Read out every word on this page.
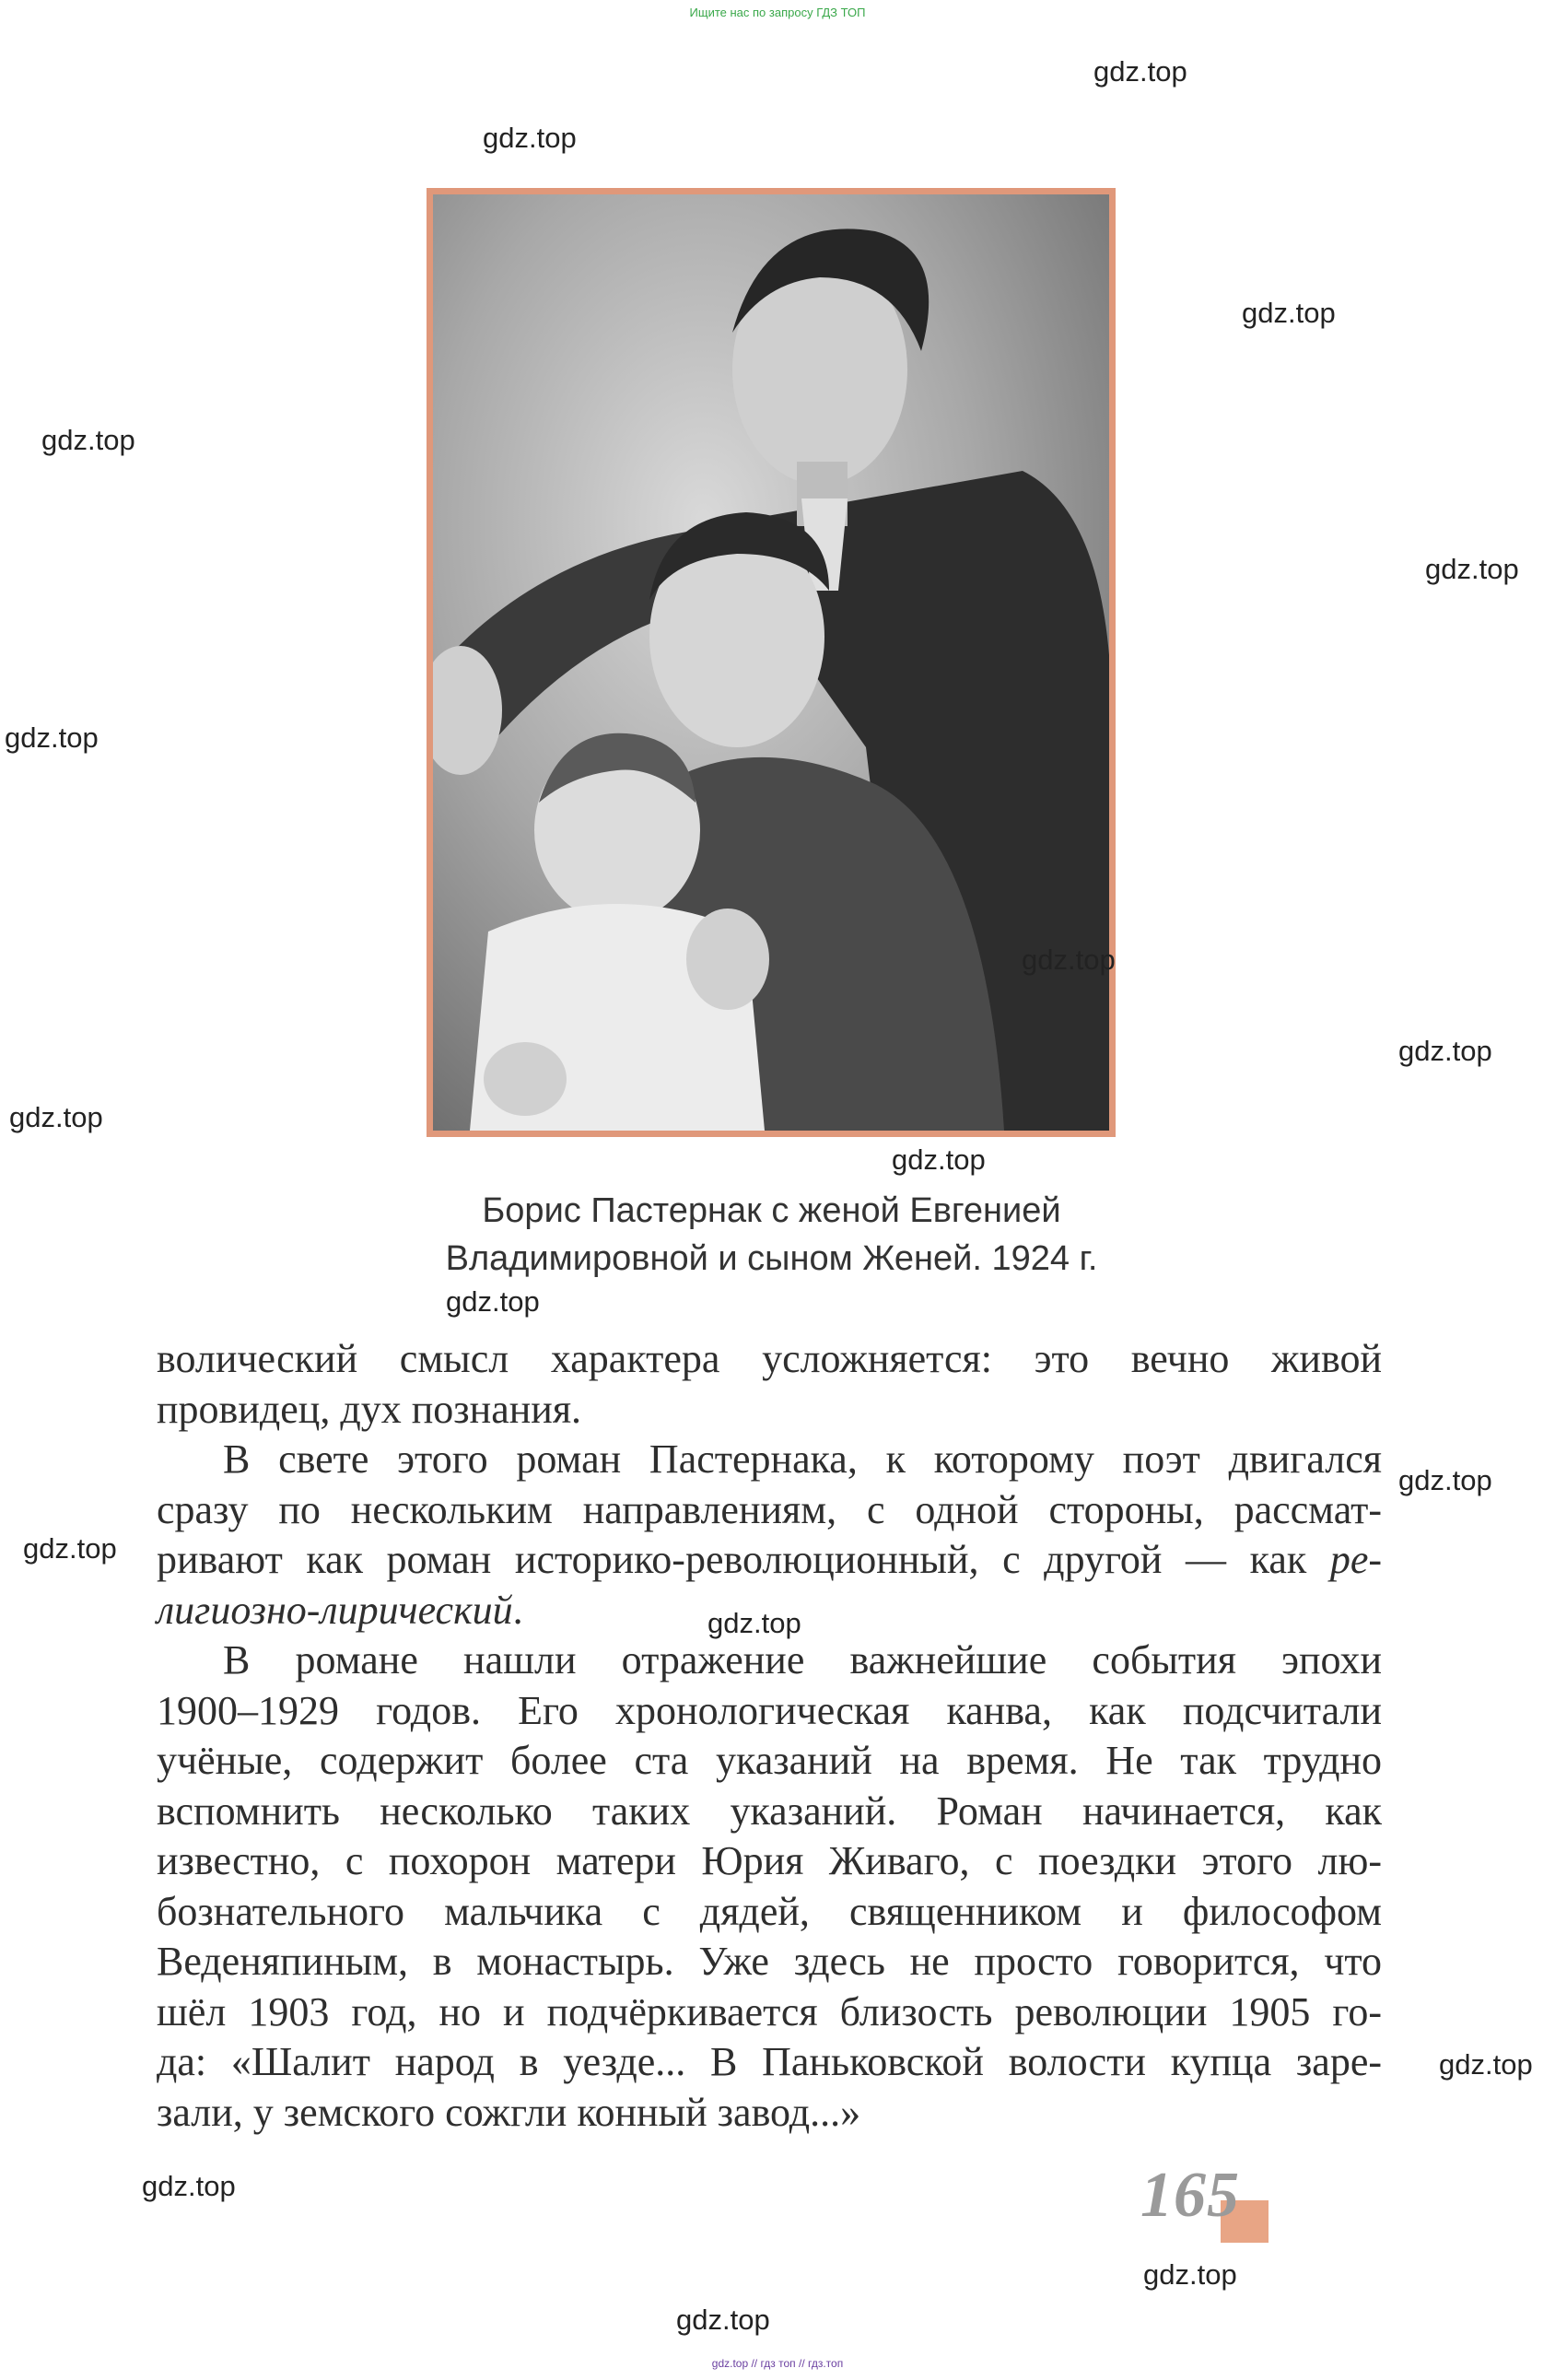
Ищите нас по запросу ГДЗ ТОП
gdz.top
gdz.top
gdz.top
gdz.top
gdz.top
gdz.top
gdz.top
gdz.top
gdz.top
gdz.top
Борис Пастернак с женой Евгенией
Владимировной и сыном Женей. 1924 г.
gdz.top
волический смысл характера усложняется: это вечно живой
провидец, дух познания.
В свете этого роман Пастернака, к которому поэт двигался
сразу по нескольким направлениям, с одной стороны, рассмат-
ривают как роман историко-революционный, с другой — как ре-
лигиозно-лирический.
В романе нашли отражение важнейшие события эпохи
1900–1929 годов. Его хронологическая канва, как подсчитали
учёные, содержит более ста указаний на время. Не так трудно
вспомнить несколько таких указаний. Роман начинается, как
известно, с похорон матери Юрия Живаго, с поездки этого лю-
бознательного мальчика с дядей, священником и философом
Веденяпиным, в монастырь. Уже здесь не просто говорится, что
шёл 1903 год, но и подчёркивается близость революции 1905 го-
да: «Шалит народ в уезде... В Паньковской волости купца заре-
зали, у земского сожгли конный завод...»
gdz.top
gdz.top
gdz.top
gdz.top
gdz.top	165
gdz.top
gdz.top
gdz.top // гдз топ // гдз.топ
